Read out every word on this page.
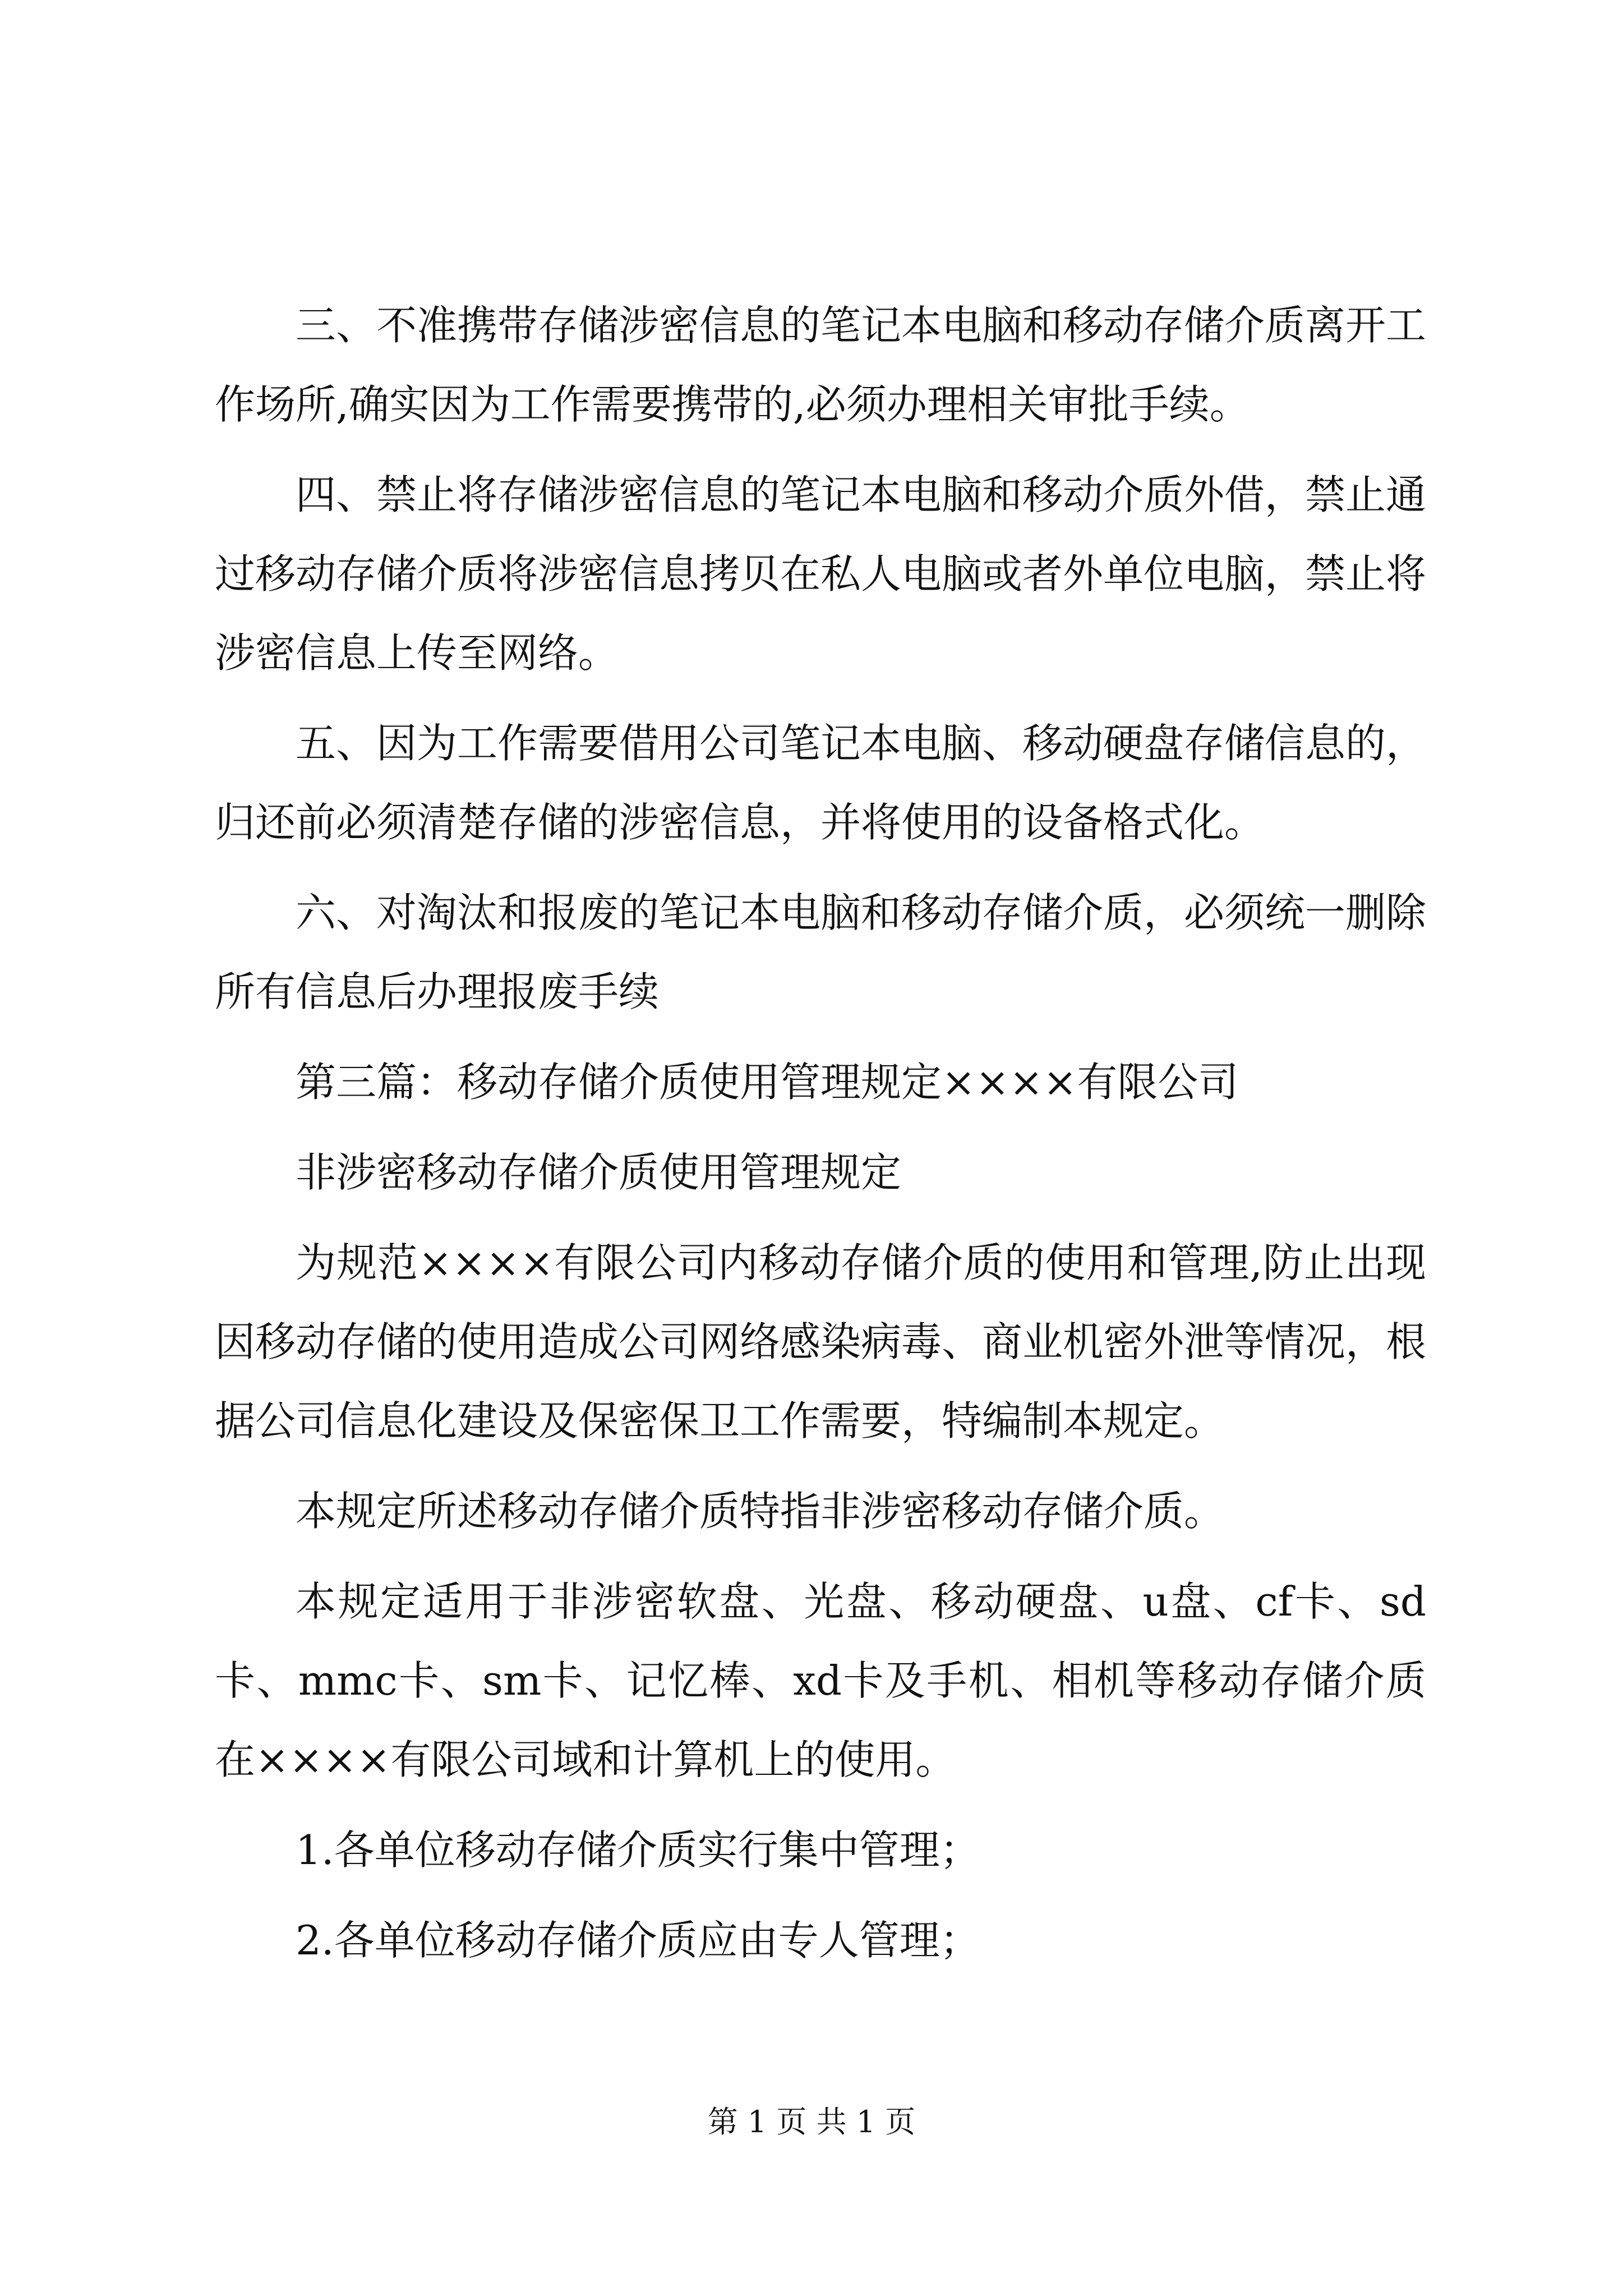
三、不准携带存储涉密信息的笔记本电脑和移动存储介质离开工作场所,确实因为工作需要携带的,必须办理相关审批手续。

四、禁止将存储涉密信息的笔记本电脑和移动介质外借，禁止通过移动存储介质将涉密信息拷贝在私人电脑或者外单位电脑，禁止将涉密信息上传至网络。

五、因为工作需要借用公司笔记本电脑、移动硬盘存储信息的，归还前必须清楚存储的涉密信息，并将使用的设备格式化。

六、对淘汰和报废的笔记本电脑和移动存储介质，必须统一删除所有信息后办理报废手续

第三篇：移动存储介质使用管理规定××××有限公司

非涉密移动存储介质使用管理规定

为规范××××有限公司内移动存储介质的使用和管理,防止出现因移动存储的使用造成公司网络感染病毒、商业机密外泄等情况，根据公司信息化建设及保密保卫工作需要，特编制本规定。

本规定所述移动存储介质特指非涉密移动存储介质。

本规定适用于非涉密软盘、光盘、移动硬盘、u盘、cf卡、sd卡、mmc卡、sm卡、记忆棒、xd卡及手机、相机等移动存储介质在××××有限公司域和计算机上的使用。

1.各单位移动存储介质实行集中管理；

2.各单位移动存储介质应由专人管理；

第 1 页 共 1 页
